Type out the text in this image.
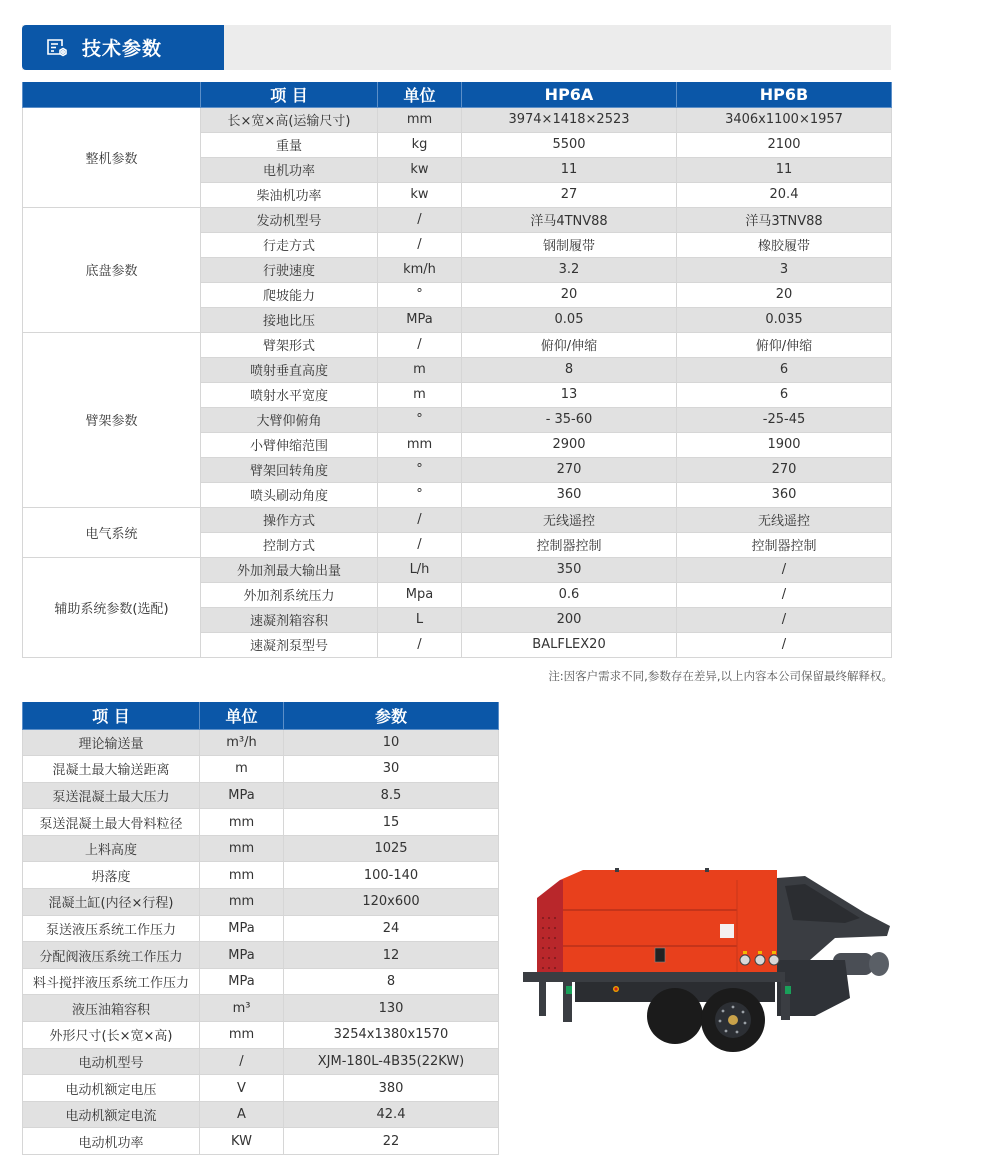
技术参数
	项 目	单位	HP6A	HP6B
整机参数	长×宽×高(运输尺寸)	mm	3974×1418×2523	3406x1100×1957
	重量	kg	5500	2100
	电机功率	kw	11	11
	柴油机功率	kw	27	20.4
底盘参数	发动机型号	/	洋马4TNV88	洋马3TNV88
	行走方式	/	钢制履带	橡胶履带
	行驶速度	km/h	3.2	3
	爬坡能力	°	20	20
	接地比压	MPa	0.05	0.035
臂架参数	臂架形式	/	俯仰/伸缩	俯仰/伸缩
	喷射垂直高度	m	8	6
	喷射水平宽度	m	13	6
	大臂仰俯角	°	- 35-60	-25-45
	小臂伸缩范围	mm	2900	1900
	臂架回转角度	°	270	270
	喷头刷动角度	°	360	360
电气系统	操作方式	/	无线遥控	无线遥控
	控制方式	/	控制器控制	控制器控制
辅助系统参数(选配)	外加剂最大输出量	L/h	350	/
	外加剂系统压力	Mpa	0.6	/
	速凝剂箱容积	L	200	/
	速凝剂泵型号	/	BALFLEX20	/
注:因客户需求不同,参数存在差异,以上内容本公司保留最终解释权。
项 目	单位	参数
理论输送量	m³/h	10
混凝土最大输送距离	m	30
泵送混凝土最大压力	MPa	8.5
泵送混凝土最大骨料粒径	mm	15
上料高度	mm	1025
坍落度	mm	100-140
混凝土缸(内径×行程)	mm	120x600
泵送液压系统工作压力	MPa	24
分配阀液压系统工作压力	MPa	12
料斗搅拌液压系统工作压力	MPa	8
液压油箱容积	m³	130
外形尺寸(长×宽×高)	mm	3254x1380x1570
电动机型号	/	XJM-180L-4B35(22KW)
电动机额定电压	V	380
电动机额定电流	A	42.4
电动机功率	KW	22
